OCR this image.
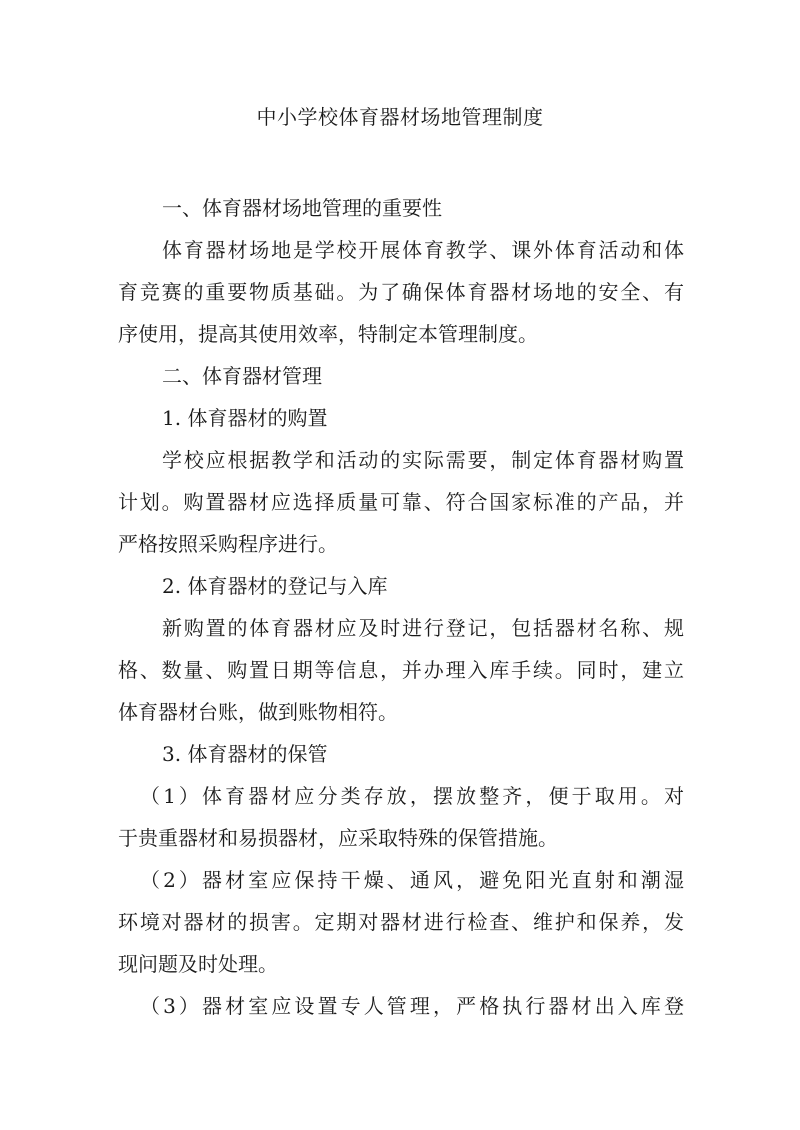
中小学校体育器材场地管理制度
一、体育器材场地管理的重要性
体育器材场地是学校开展体育教学、课外体育活动和体
育竞赛的重要物质基础。为了确保体育器材场地的安全、有
序使用，提高其使用效率，特制定本管理制度。
二、体育器材管理
1. 体育器材的购置
学校应根据教学和活动的实际需要，制定体育器材购置
计划。购置器材应选择质量可靠、符合国家标准的产品，并
严格按照采购程序进行。
2. 体育器材的登记与入库
新购置的体育器材应及时进行登记，包括器材名称、规
格、数量、购置日期等信息，并办理入库手续。同时，建立
体育器材台账，做到账物相符。
3. 体育器材的保管
（1）体育器材应分类存放，摆放整齐，便于取用。对
于贵重器材和易损器材，应采取特殊的保管措施。
（2）器材室应保持干燥、通风，避免阳光直射和潮湿
环境对器材的损害。定期对器材进行检查、维护和保养，发
现问题及时处理。
（3）器材室应设置专人管理，严格执行器材出入库登
